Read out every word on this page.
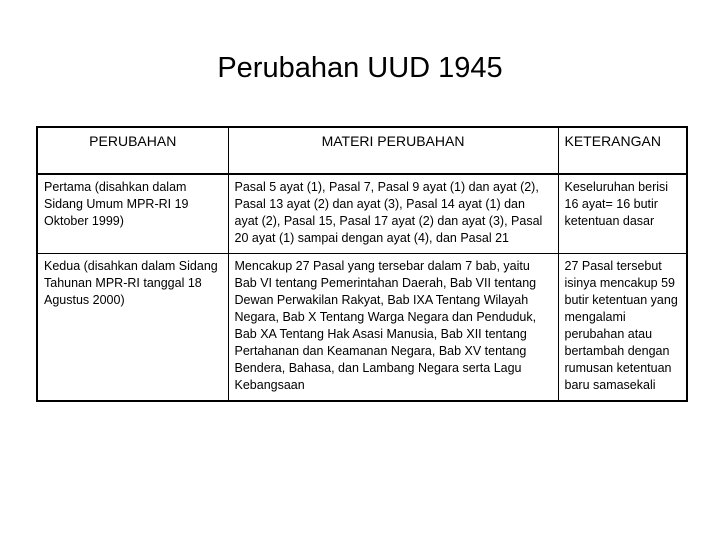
Perubahan UUD 1945
PERUBAHAN	MATERI PERUBAHAN	KETERANGAN
Pertama (disahkan dalam Sidang Umum MPR-RI 19 Oktober 1999)	Pasal 5 ayat (1), Pasal 7, Pasal 9 ayat (1) dan ayat (2), Pasal 13 ayat (2) dan ayat (3), Pasal 14 ayat (1) dan ayat (2), Pasal 15, Pasal 17 ayat (2) dan ayat (3), Pasal 20 ayat (1) sampai dengan ayat (4), dan Pasal 21	Keseluruhan berisi 16 ayat= 16 butir ketentuan dasar
Kedua (disahkan dalam Sidang Tahunan MPR-RI tanggal 18 Agustus 2000)	Mencakup 27 Pasal yang tersebar dalam 7 bab, yaitu Bab VI tentang Pemerintahan Daerah, Bab VII tentang Dewan Perwakilan Rakyat, Bab IXA Tentang Wilayah Negara, Bab X Tentang Warga Negara dan Penduduk, Bab XA Tentang Hak Asasi Manusia, Bab XII tentang Pertahanan dan Keamanan Negara, Bab XV tentang Bendera, Bahasa, dan Lambang Negara serta Lagu Kebangsaan	27 Pasal tersebut isinya mencakup 59 butir ketentuan yang mengalami perubahan atau bertambah dengan rumusan ketentuan baru samasekali
